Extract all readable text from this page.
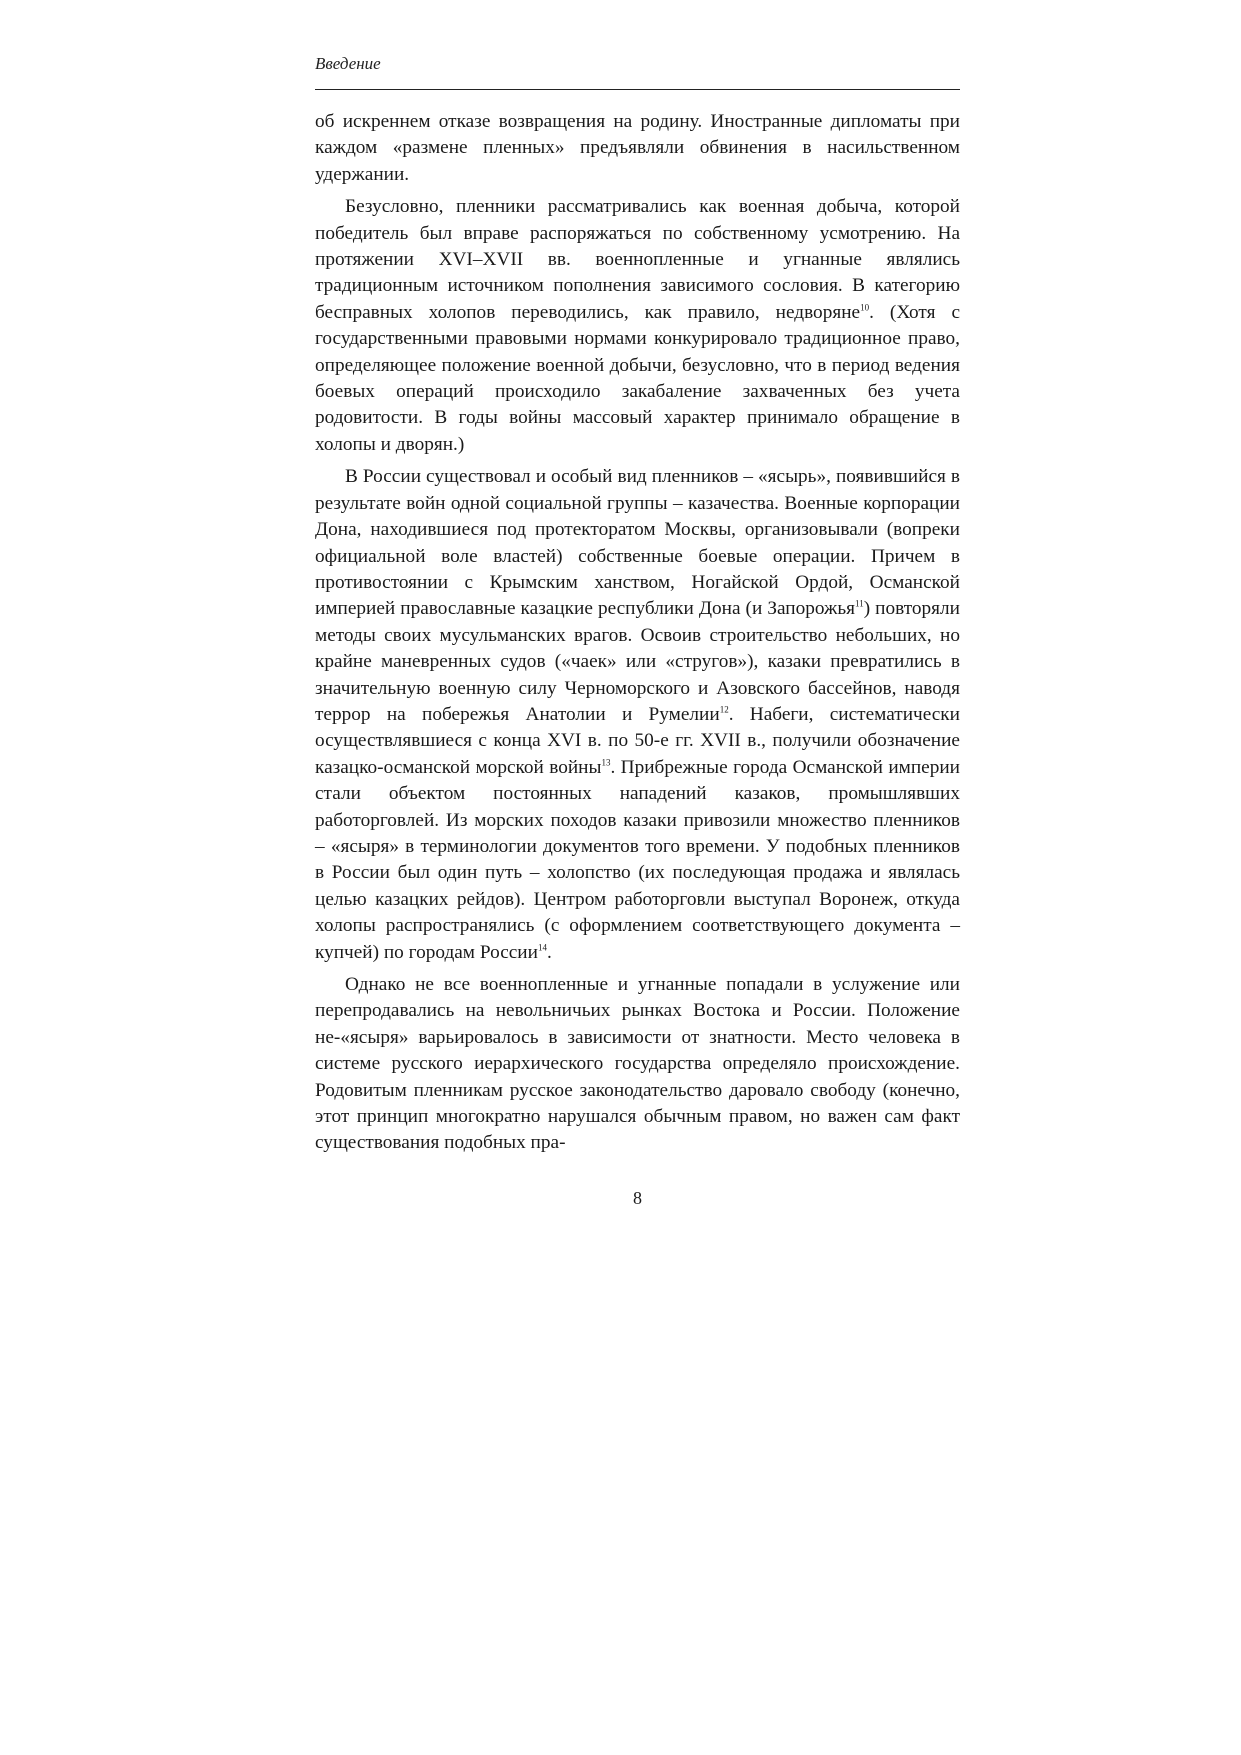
Введение

об искреннем отказе возвращения на родину. Иностранные дипломаты при каждом «размене пленных» предъявляли обвинения в насильственном удержании.

Безусловно, пленники рассматривались как военная добыча, которой победитель был вправе распоряжаться по собственному усмотрению. На протяжении XVI–XVII вв. военнопленные и угнанные являлись традиционным источником пополнения зависимого сословия. В категорию бесправных холопов переводились, как правило, недворяне$^{10}$. (Хотя с государственными правовыми нормами конкурировало традиционное право, определяющее положение военной добычи, безусловно, что в период ведения боевых операций происходило закабаление захваченных без учета родовитости. В годы войны массовый характер принимало обращение в холопы и дворян.)

В России существовал и особый вид пленников – «ясырь», появившийся в результате войн одной социальной группы – казачества. Военные корпорации Дона, находившиеся под протекторатом Москвы, организовывали (вопреки официальной воле властей) собственные боевые операции. Причем в противостоянии с Крымским ханством, Ногайской Ордой, Османской империей православные казацкие республики Дона (и Запорожья$^{11}$) повторяли методы своих мусульманских врагов. Освоив строительство небольших, но крайне маневренных судов («чаек» или «стругов»), казаки превратились в значительную военную силу Черноморского и Азовского бассейнов, наводя террор на побережья Анатолии и Румелии$^{12}$. Набеги, систематически осуществлявшиеся с конца XVI в. по 50-е гг. XVII в., получили обозначение казацко-османской морской войны$^{13}$. Прибрежные города Османской империи стали объектом постоянных нападений казаков, промышлявших работорговлей. Из морских походов казаки привозили множество пленников – «ясыря» в терминологии документов того времени. У подобных пленников в России был один путь – холопство (их последующая продажа и являлась целью казацких рейдов). Центром работорговли выступал Воронеж, откуда холопы распространялись (с оформлением соответствующего документа – купчей) по городам России$^{14}$.

Однако не все военнопленные и угнанные попадали в услужение или перепродавались на невольничьих рынках Востока и России. Положение не-«ясыря» варьировалось в зависимости от знатности. Место человека в системе русского иерархического государства определяло происхождение. Родовитым пленникам русское законодательство даровало свободу (конечно, этот принцип многократно нарушался обычным правом, но важен сам факт существования подобных пра-

8
